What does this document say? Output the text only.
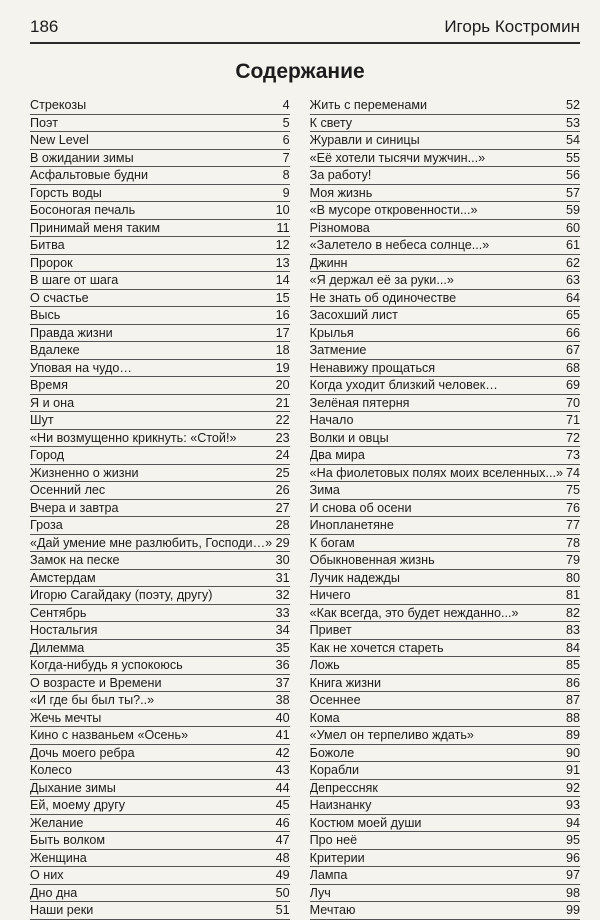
186	Игорь Костромин
Содержание
Стрекозы	4
Поэт	5
New Level	6
В ожидании зимы	7
Асфальтовые будни	8
Горсть воды	9
Босоногая печаль	10
Принимай меня таким	11
Битва	12
Пророк	13
В шаге от шага	14
О счастье	15
Высь	16
Правда жизни	17
Вдалеке	18
Уповая на чудо…	19
Время	20
Я и она	21
Шут	22
«Ни возмущенно крикнуть: «Стой!»	23
Город	24
Жизненно о жизни	25
Осенний лес	26
Вчера и завтра	27
Гроза	28
«Дай умение мне разлюбить, Господи…» 29
Замок на песке	30
Амстердам	31
Игорю Сагайдаку (поэту, другу)	32
Сентябрь	33
Ностальгия	34
Дилемма	35
Когда-нибудь я успокоюсь	36
О возрасте и Времени	37
«И где бы был ты?..»	38
Жечь мечты	40
Кино с названьем «Осень»	41
Дочь моего ребра	42
Колесо	43
Дыхание зимы	44
Ей, моему другу	45
Желание	46
Быть волком	47
Женщина	48
О них	49
Дно дна	50
Наши реки	51
Жить с переменами	52
К свету	53
Журавли и синицы	54
«Её хотели тысячи мужчин...»	55
За работу!	56
Моя жизнь	57
«В мусоре откровенности...»	59
Різномова	60
«Залетело в небеса солнце...»	61
Джинн	62
«Я держал её за руки...»	63
Не знать об одиночестве	64
Засохший лист	65
Крылья	66
Затмение	67
Ненавижу прощаться	68
Когда уходит близкий человек…	69
Зелёная пятерня	70
Начало	71
Волки и овцы	72
Два мира	73
«На фиолетовых полях моих вселенных...» 74
Зима	75
И снова об осени	76
Инопланетяне	77
К богам	78
Обыкновенная жизнь	79
Лучик надежды	80
Ничего	81
«Как всегда, это будет нежданно...»	82
Привет	83
Как не хочется стареть	84
Ложь	85
Книга жизни	86
Осеннее	87
Кома	88
«Умел он терпеливо ждать»	89
Божоле	90
Корабли	91
Депрессняк	92
Наизнанку	93
Костюм моей души	94
Про неё	95
Критерии	96
Лампа	97
Луч	98
Мечтаю	99
